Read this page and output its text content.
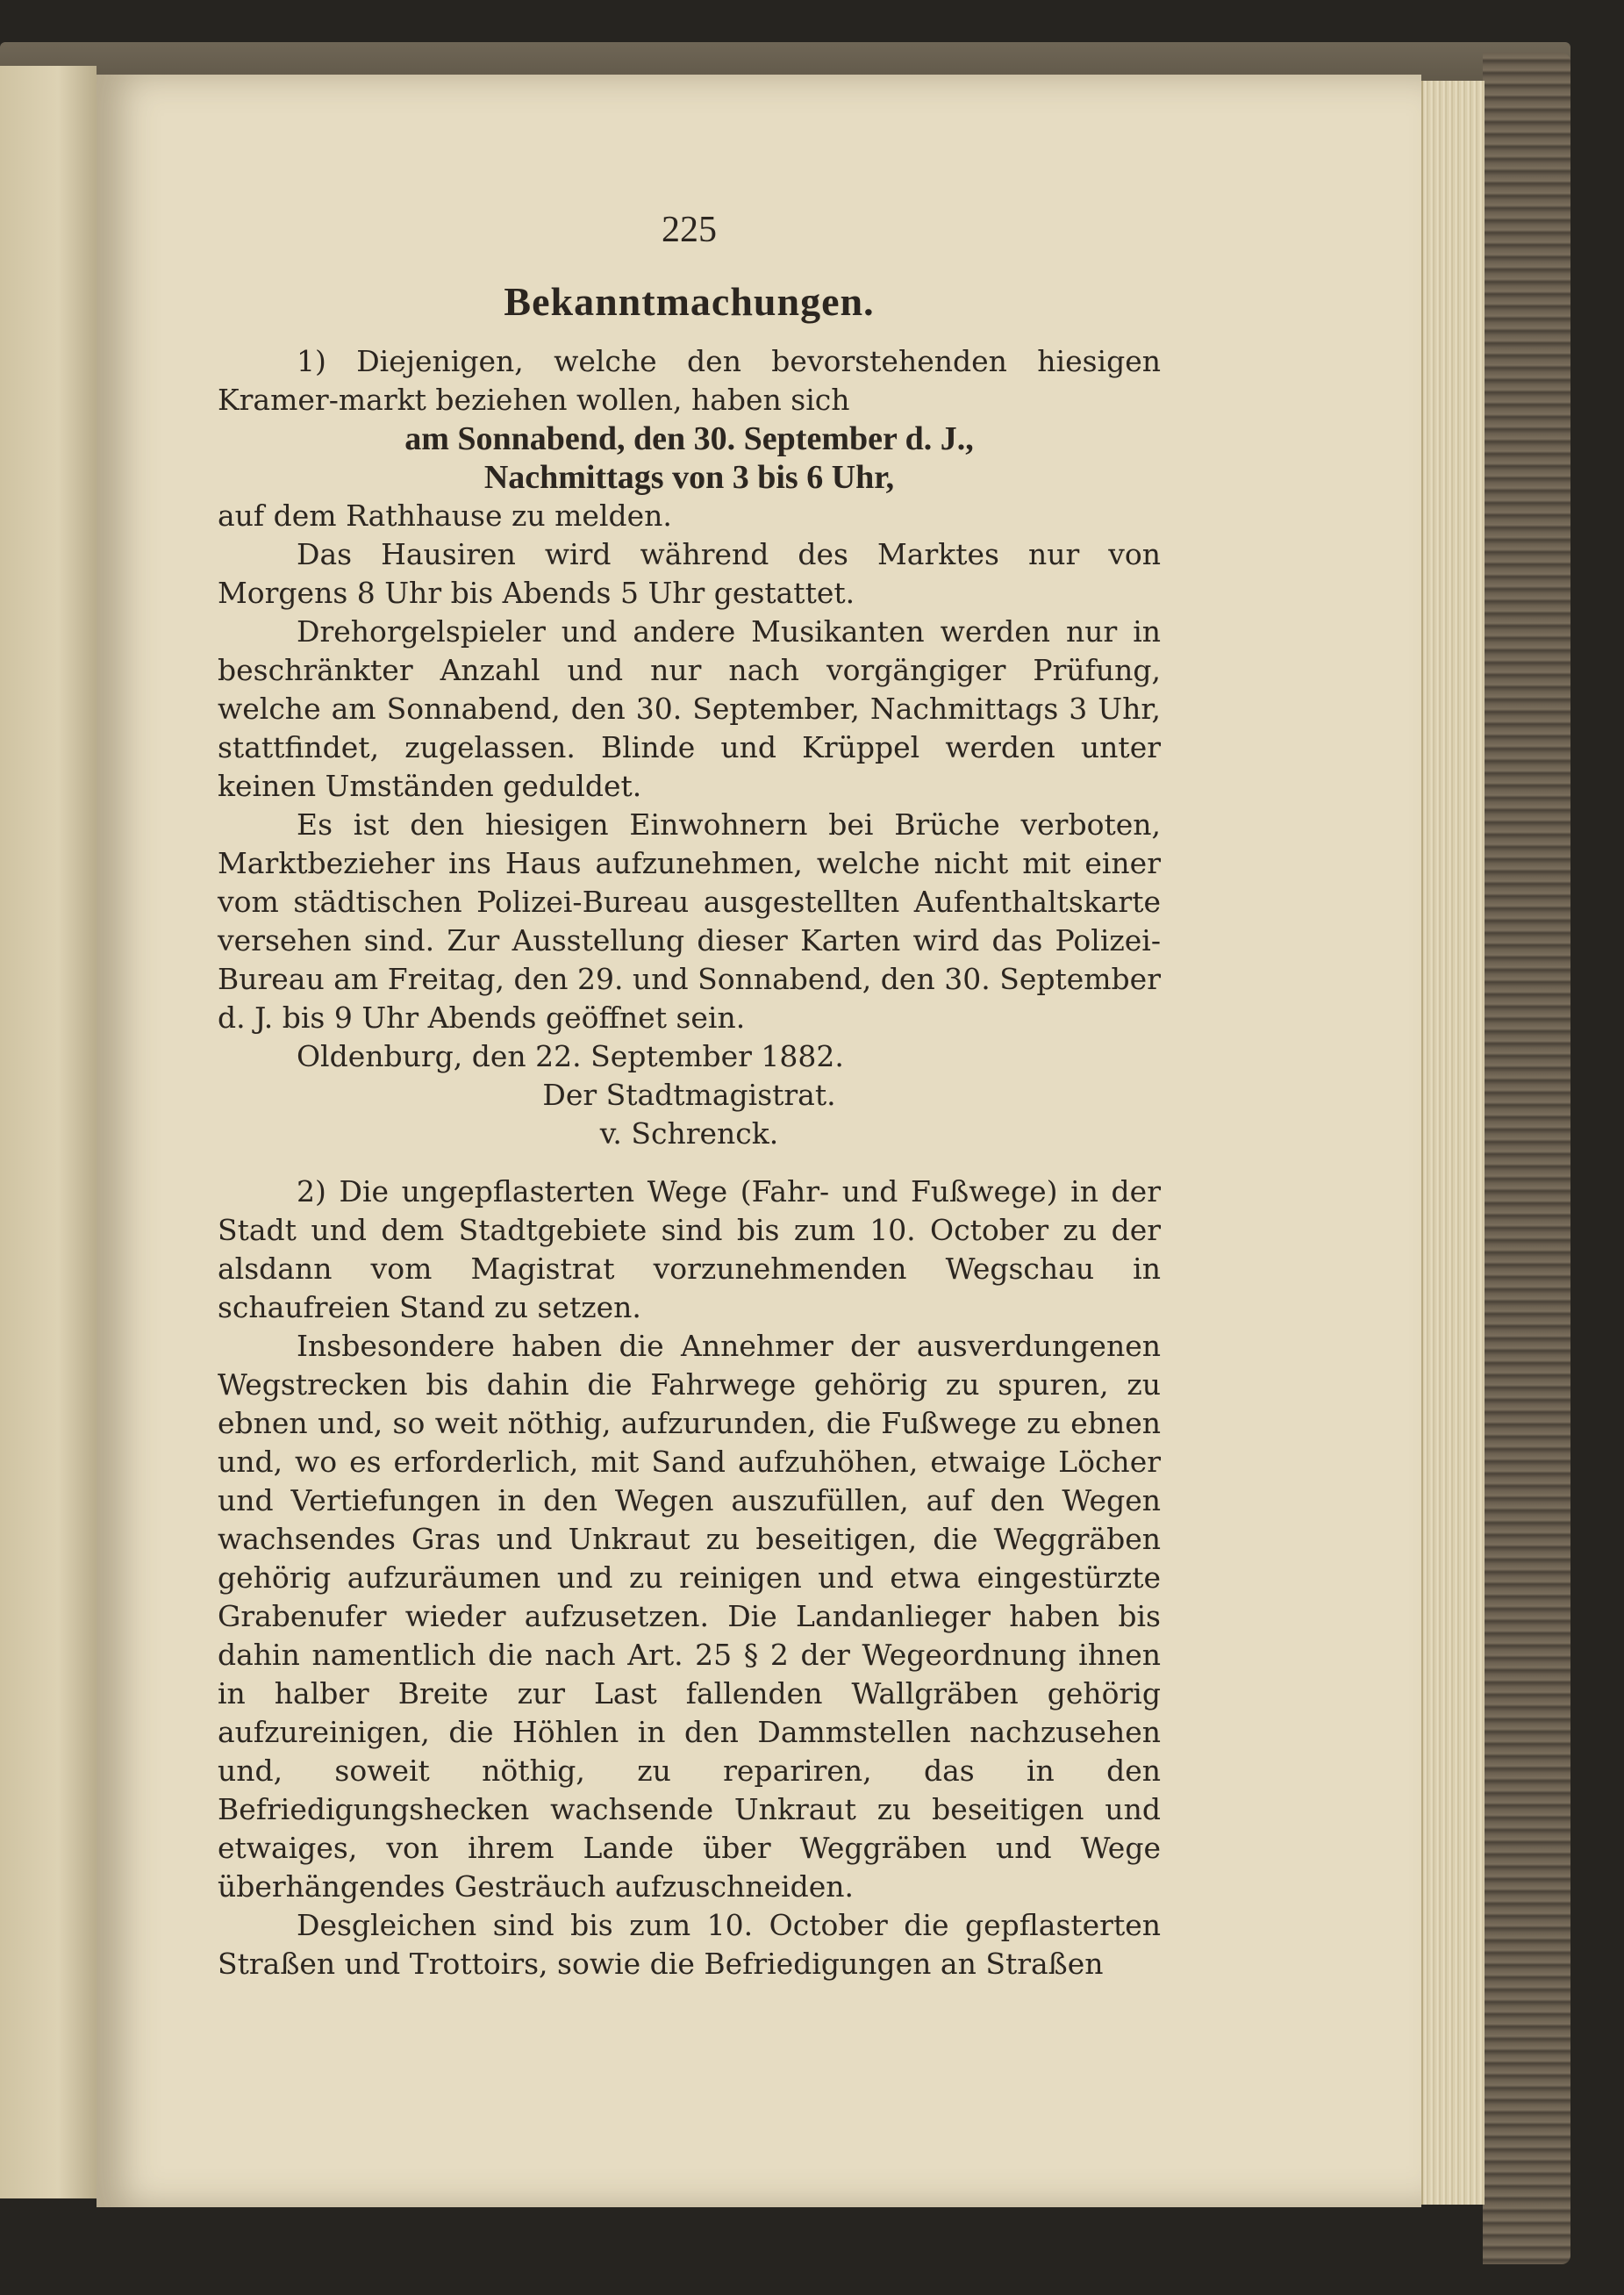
225
Bekanntmachungen.

1) Diejenigen, welche den bevorstehenden hiesigen Kramer-markt beziehen wollen, haben sich

am Sonnabend, den 30. September d. J.,

Nachmittags von 3 bis 6 Uhr,

auf dem Rathhause zu melden.

Das Hausiren wird während des Marktes nur von Morgens 8 Uhr bis Abends 5 Uhr gestattet.

Drehorgelspieler und andere Musikanten werden nur in beschränkter Anzahl und nur nach vorgängiger Prüfung, welche am Sonnabend, den 30. September, Nachmittags 3 Uhr, stattfindet, zugelassen. Blinde und Krüppel werden unter keinen Umständen geduldet.

Es ist den hiesigen Einwohnern bei Brüche verboten, Marktbezieher ins Haus aufzunehmen, welche nicht mit einer vom städtischen Polizei-Bureau ausgestellten Aufenthaltskarte versehen sind. Zur Ausstellung dieser Karten wird das Polizei-Bureau am Freitag, den 29. und Sonnabend, den 30. September d. J. bis 9 Uhr Abends geöffnet sein.

Oldenburg, den 22. September 1882.

Der Stadtmagistrat.

v. Schrenck.

2) Die ungepflasterten Wege (Fahr- und Fußwege) in der Stadt und dem Stadtgebiete sind bis zum 10. October zu der alsdann vom Magistrat vorzunehmenden Wegschau in schaufreien Stand zu setzen.

Insbesondere haben die Annehmer der ausverdungenen Wegstrecken bis dahin die Fahrwege gehörig zu spuren, zu ebnen und, so weit nöthig, aufzurunden, die Fußwege zu ebnen und, wo es erforderlich, mit Sand aufzuhöhen, etwaige Löcher und Vertiefungen in den Wegen auszufüllen, auf den Wegen wachsendes Gras und Unkraut zu beseitigen, die Weggräben gehörig aufzuräumen und zu reinigen und etwa eingestürzte Grabenufer wieder aufzusetzen. Die Landanlieger haben bis dahin namentlich die nach Art. 25 § 2 der Wegeordnung ihnen in halber Breite zur Last fallenden Wallgräben gehörig aufzureinigen, die Höhlen in den Dammstellen nachzusehen und, soweit nöthig, zu repariren, das in den Befriedigungshecken wachsende Unkraut zu beseitigen und etwaiges, von ihrem Lande über Weggräben und Wege überhängendes Gesträuch aufzuschneiden.

Desgleichen sind bis zum 10. October die gepflasterten Straßen und Trottoirs, sowie die Befriedigungen an Straßen
